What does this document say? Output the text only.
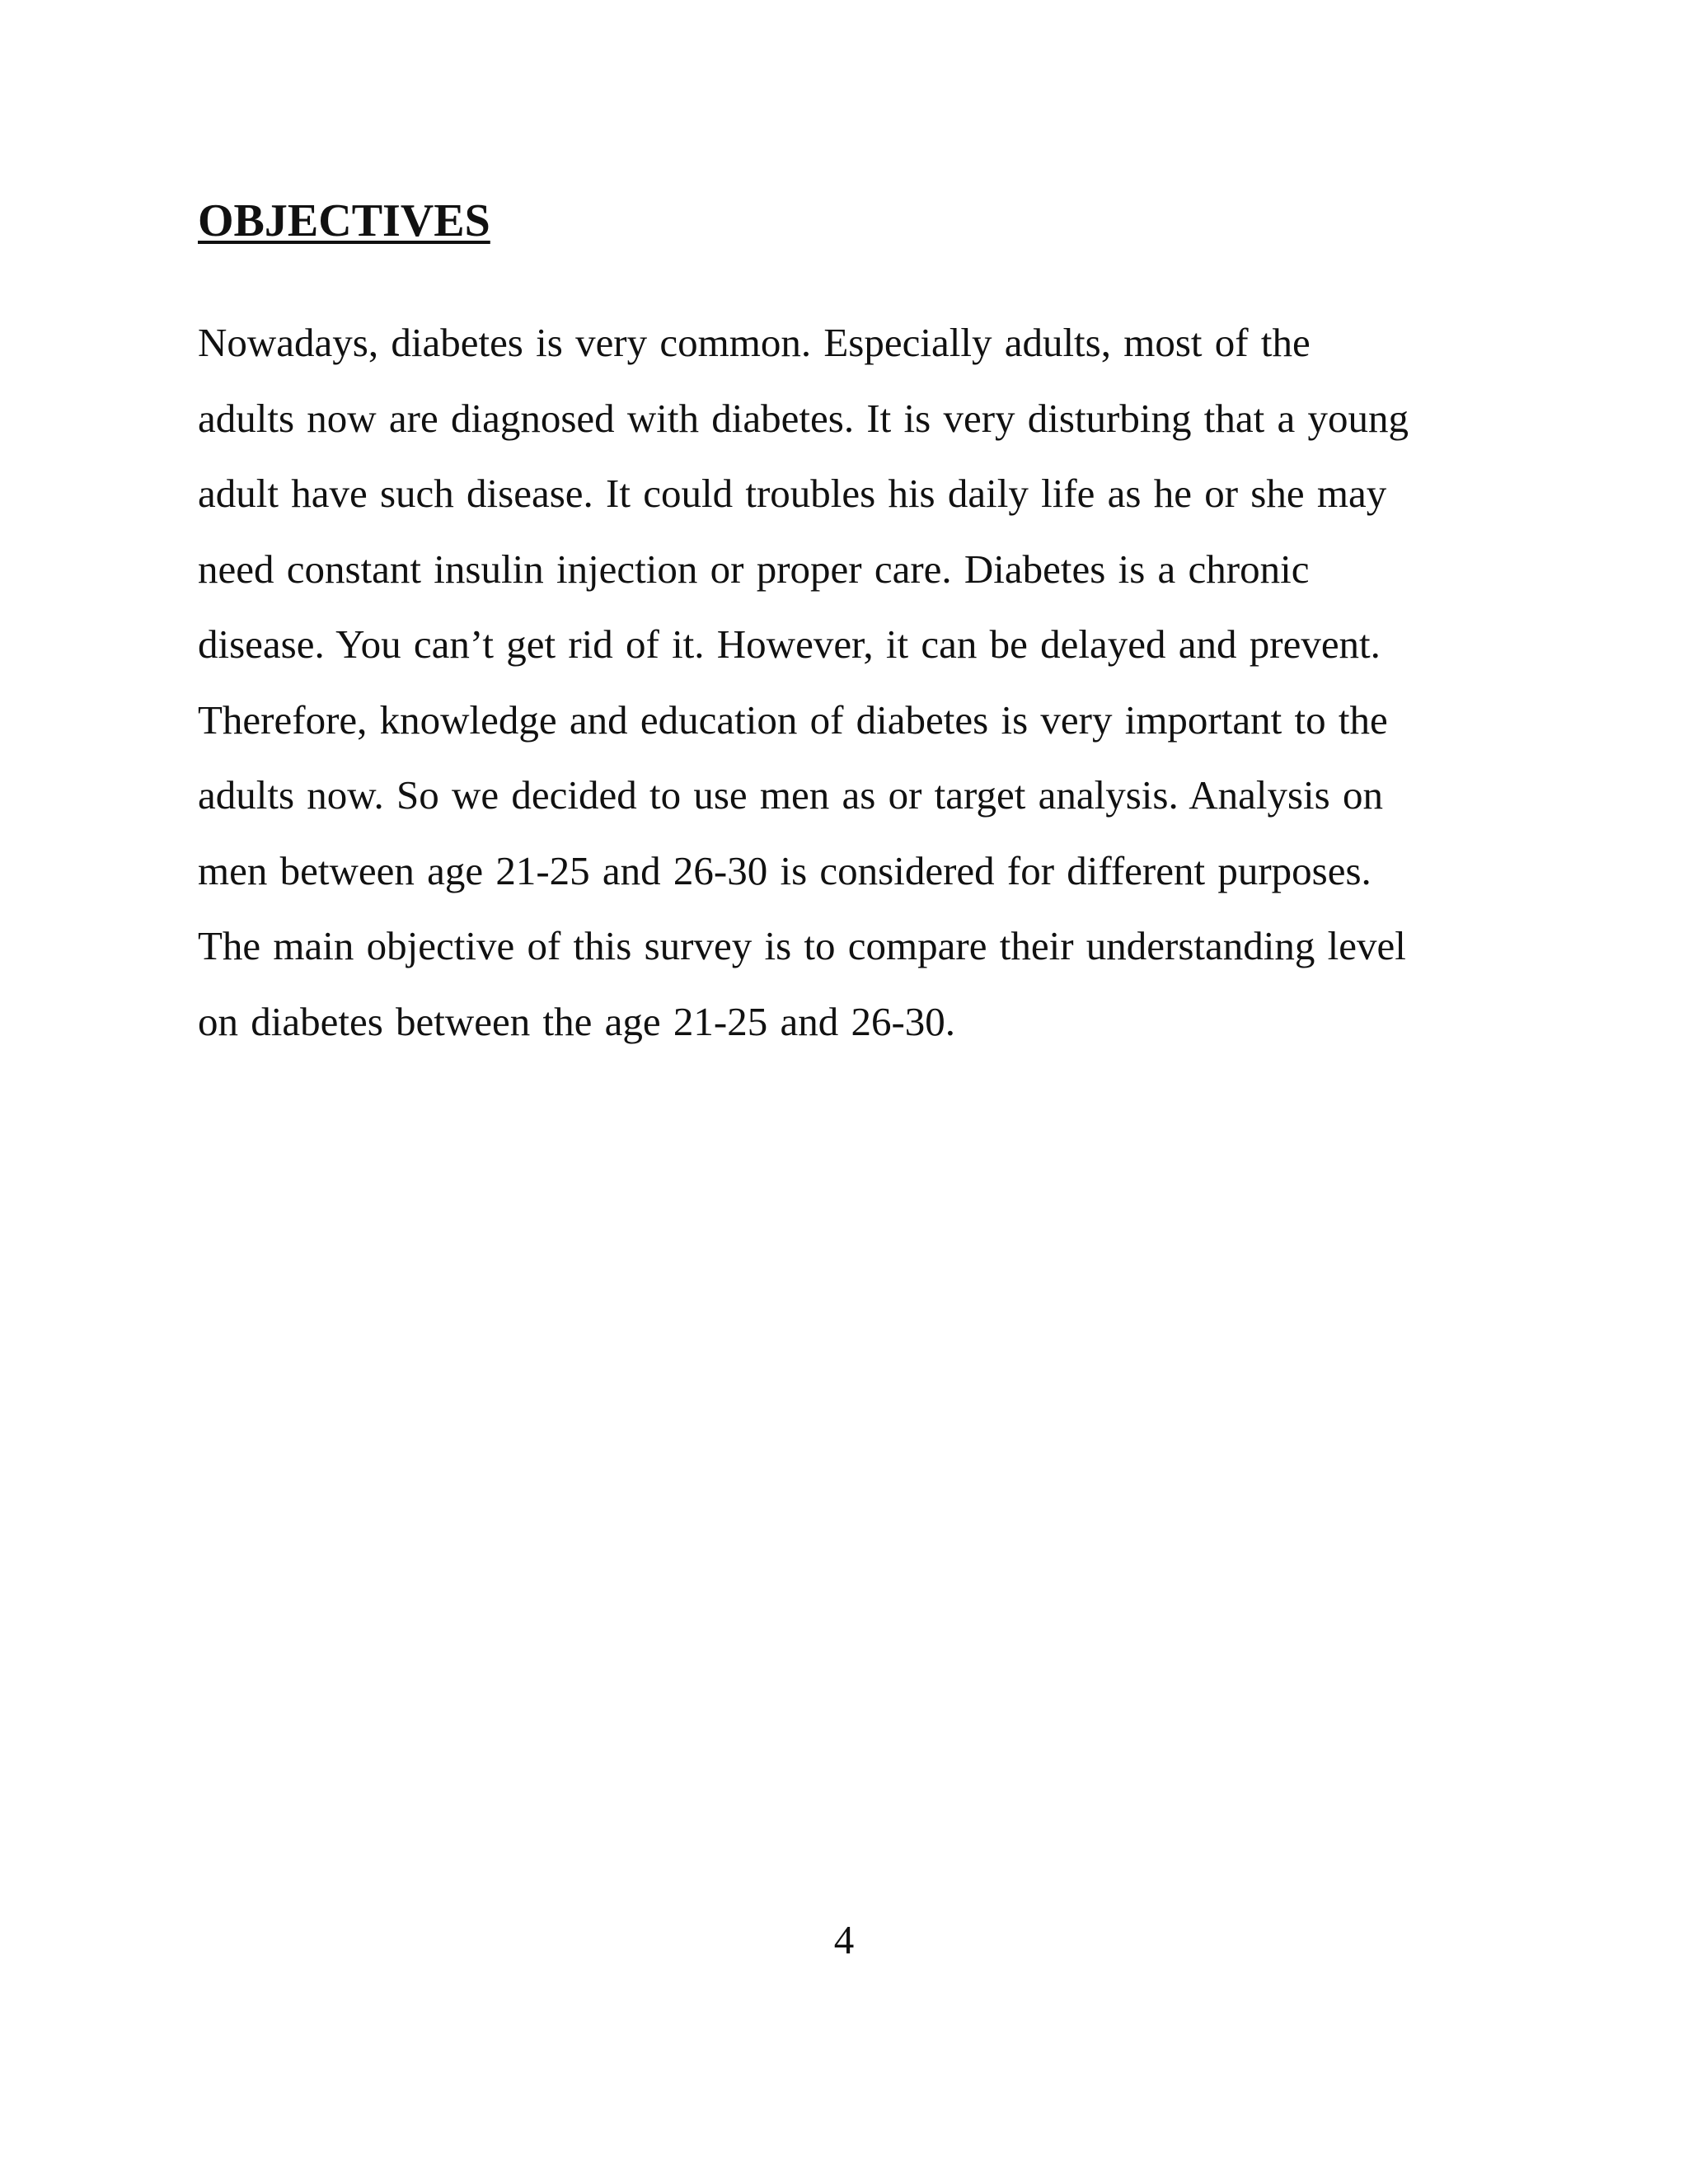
OBJECTIVES
Nowadays, diabetes is very common. Especially adults, most of the
adults now are diagnosed with diabetes. It is very disturbing that a young
adult have such disease. It could troubles his daily life as he or she may
need constant insulin injection or proper care. Diabetes is a chronic
disease. You can’t get rid of it. However, it can be delayed and prevent.
Therefore, knowledge and education of diabetes is very important to the
adults now. So we decided to use men as or target analysis. Analysis on
men between age 21-25 and 26-30 is considered for different purposes.
The main objective of this survey is to compare their understanding level
on diabetes between the age 21-25 and 26-30.
4
